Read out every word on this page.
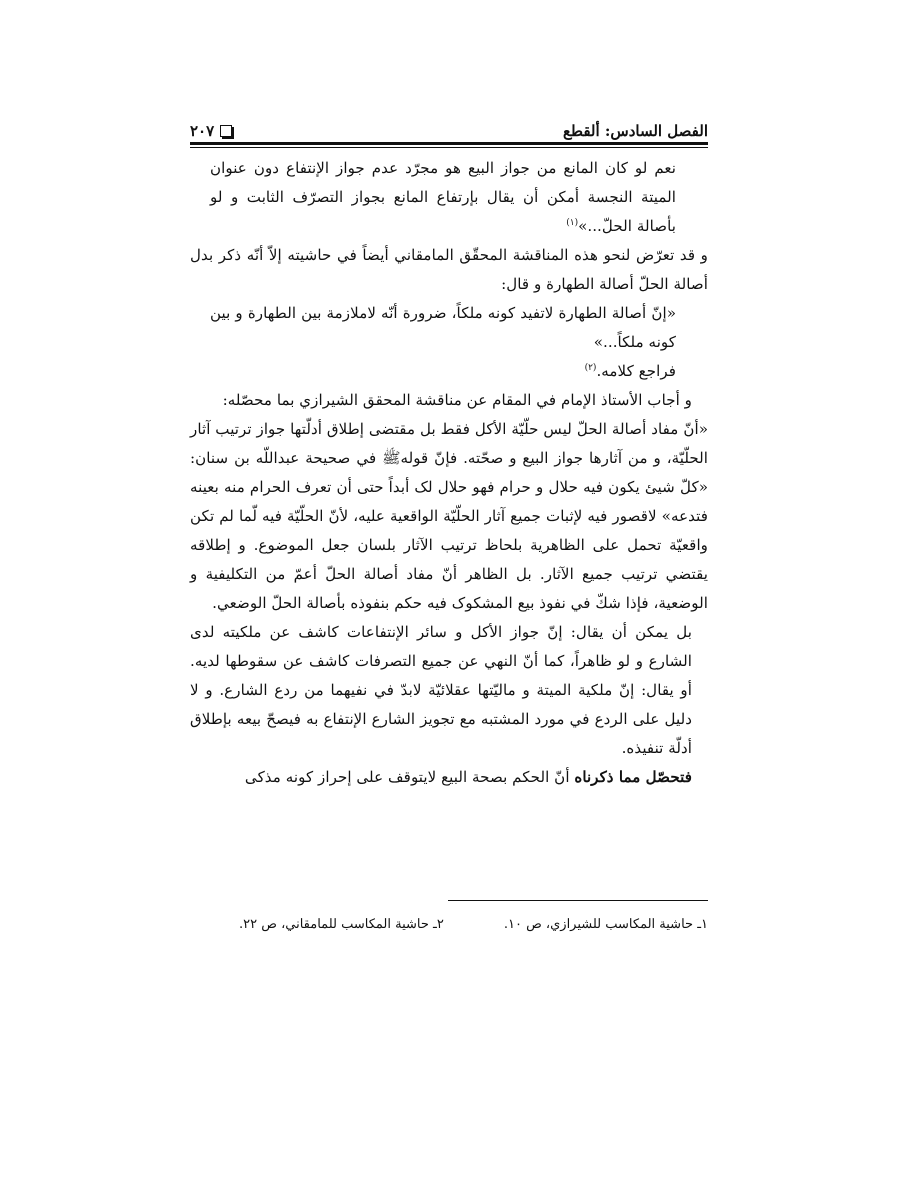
الفصل السادس: ألقطع
۲۰۷

نعم لو كان المانع من جواز البيع هو مجرّد عدم جواز الإنتفاع دون عنوان الميتة النجسة أمكن أن يقال بإرتفاع المانع بجواز التصرّف الثابت و لو بأصالة الحلّ...»$^{(۱)}$

و قد تعرّض لنحو هذه المناقشة المحقّق المامقاني أيضاً في حاشيته إلاّ أنّه ذكر بدل أصالة الحلّ أصالة الطهارة و قال:

«إنّ أصالة الطهارة لاتفيد كونه ملكاً، ضرورة أنّه لاملازمة بين الطهارة و بين كونه ملكاً...»

فراجع كلامه.$^{(۲)}$

و أجاب الأستاذ الإمام في المقام عن مناقشة المحقق الشيرازي بما محصّله:

«أنّ مفاد أصالة الحلّ ليس حلّيّة الأكل فقط بل مقتضى إطلاق أدلّتها جواز ترتيب آثار الحلّيّة، و من آثارها جواز البيع و صحّته. فإنّ قولهﷺ في صحيحة عبداللّه بن سنان: «كلّ شيئ يكون فيه حلال و حرام فهو حلال لک أبداً حتى أن تعرف الحرام منه بعينه فتدعه» لاقصور فيه لإثبات جميع آثار الحلّيّة الواقعية عليه، لأنّ الحلّيّة فيه لّما لم تكن واقعيّة تحمل على الظاهرية بلحاظ ترتيب الآثار بلسان جعل الموضوع. و إطلاقه يقتضي ترتيب جميع الآثار. بل الظاهر أنّ مفاد أصالة الحلّ أعمّ من التكليفية و الوضعية، فإذا شكّ في نفوذ بيع المشكوک فيه حكم بنفوذه بأصالة الحلّ الوضعي.

بل يمكن أن يقال: إنّ جواز الأكل و سائر الإنتفاعات كاشف عن ملكيته لدى الشارع و لو ظاهراً، كما أنّ النهي عن جميع التصرفات كاشف عن سقوطها لديه. أو يقال: إنّ ملكية الميتة و ماليّتها عقلائيّة لابدّ في نفيهما من ردع الشارع. و لا دليل على الردع في مورد المشتبه مع تجويز الشارع الإنتفاع به فيصحّ بيعه بإطلاق أدلّة تنفيذه.

فتحصّل مما ذكرناه أنّ الحكم بصحة البيع لايتوقف على إحراز كونه مذكى

۱ـ حاشية المكاسب للشيرازي، ص ۱۰.
۲ـ حاشية المكاسب للمامقاني، ص ۲۲.
